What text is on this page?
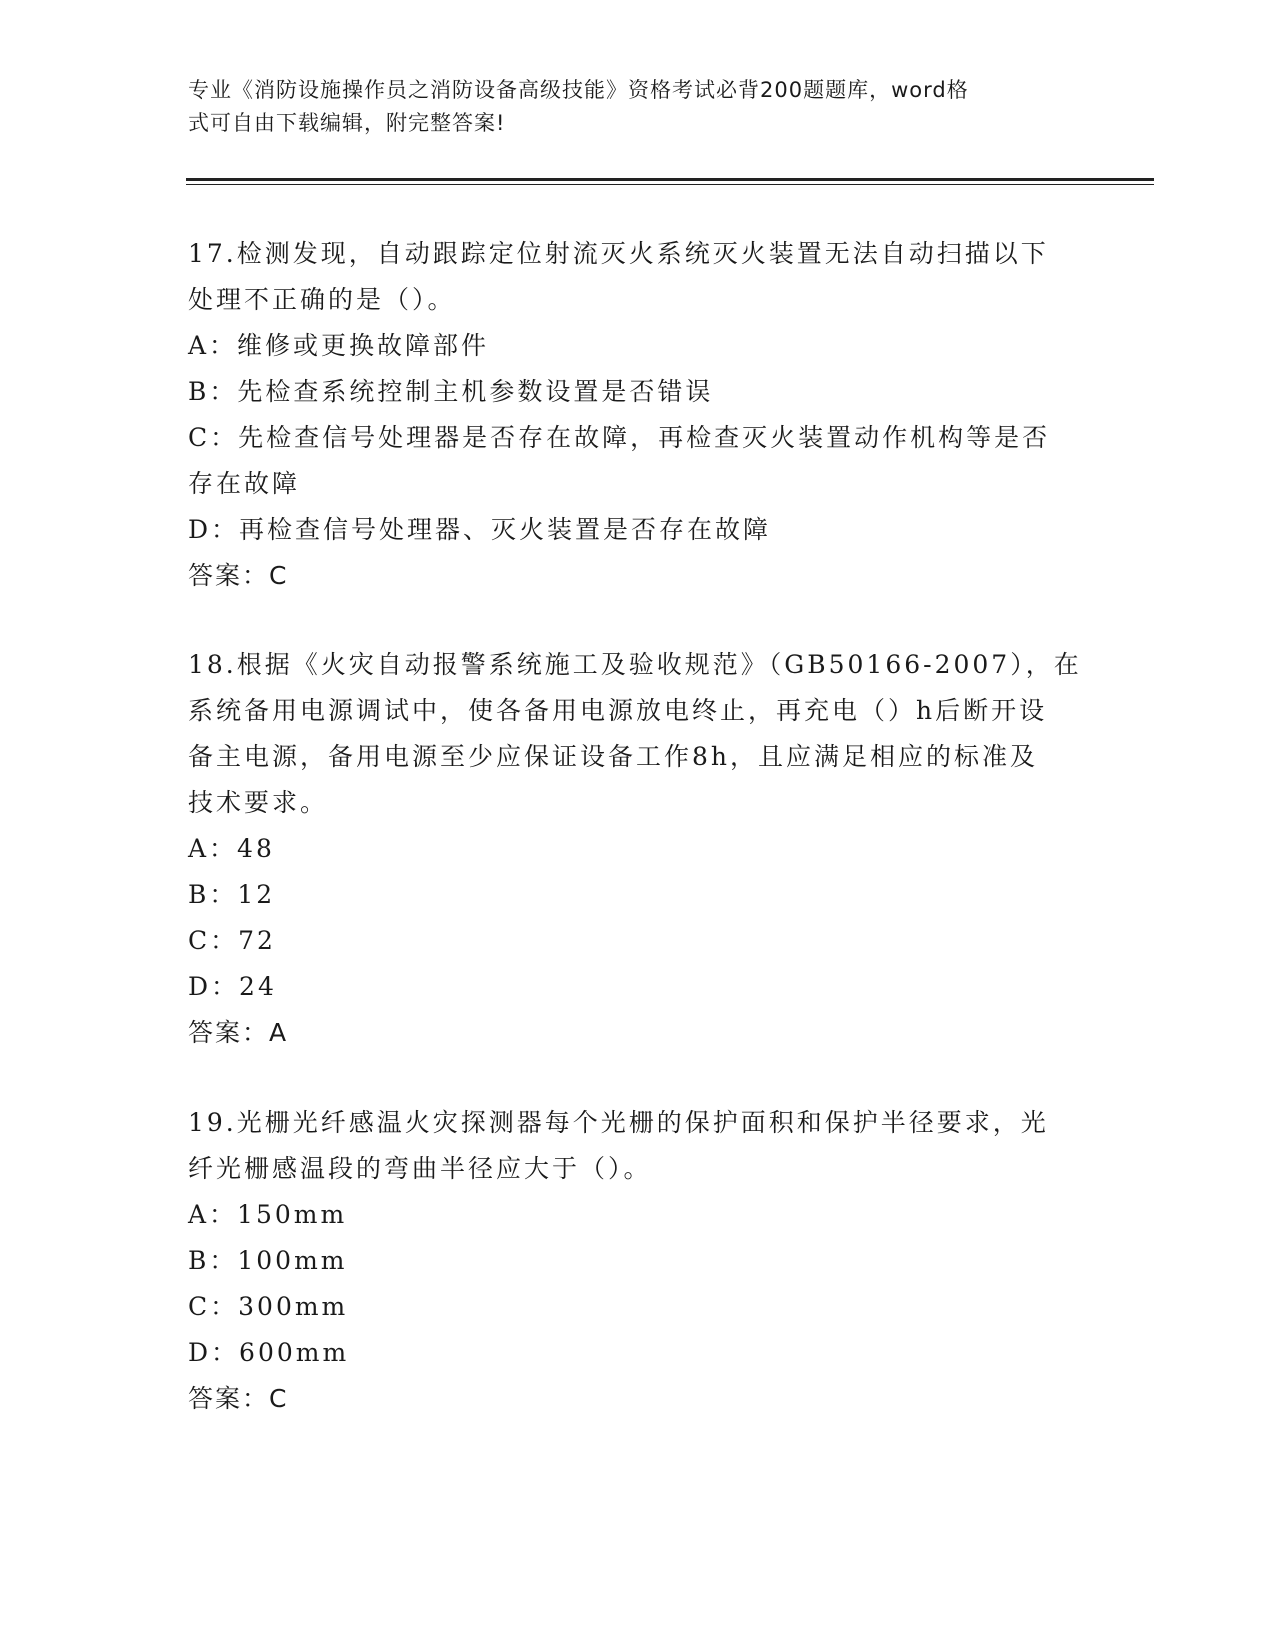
专业《消防设施操作员之消防设备高级技能》资格考试必背200题题库，word格
式可自由下载编辑，附完整答案!
17.检测发现，自动跟踪定位射流灭火系统灭火装置无法自动扫描以下
处理不正确的是（）。
A：维修或更换故障部件
B：先检查系统控制主机参数设置是否错误
C：先检查信号处理器是否存在故障，再检查灭火装置动作机构等是否
存在故障
D：再检查信号处理器、灭火装置是否存在故障
答案：C
18.根据《火灾自动报警系统施工及验收规范》（GB50166-2007），在
系统备用电源调试中，使各备用电源放电终止，再充电（）h后断开设
备主电源，备用电源至少应保证设备工作8h，且应满足相应的标准及
技术要求。
A：48
B：12
C：72
D：24
答案：A
19.光栅光纤感温火灾探测器每个光栅的保护面积和保护半径要求，光
纤光栅感温段的弯曲半径应大于（）。
A：150mm
B：100mm
C：300mm
D：600mm
答案：C
